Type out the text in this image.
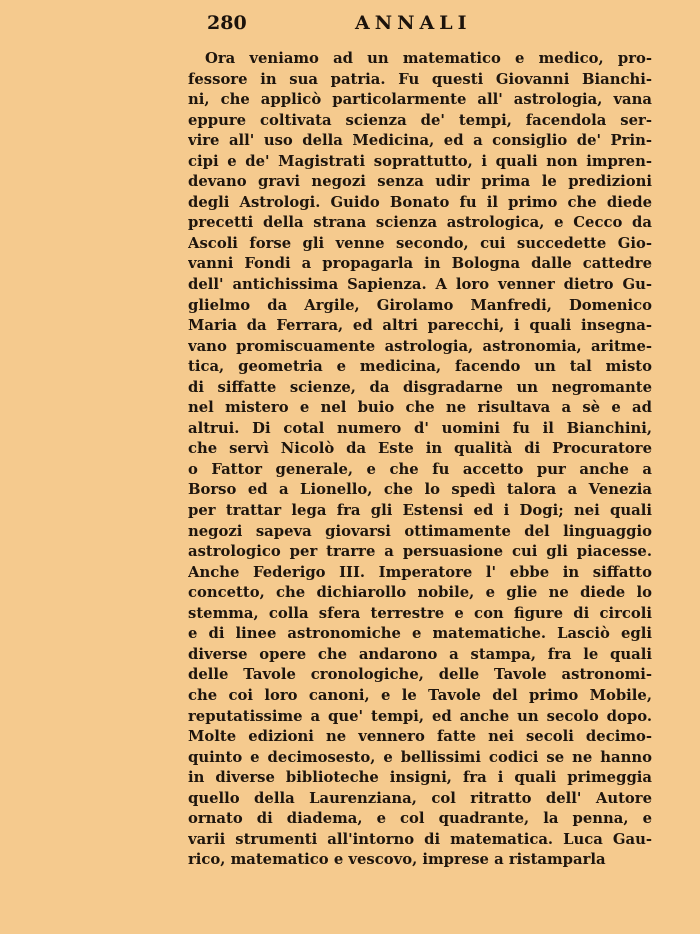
280	ANNALI
Ora veniamo ad un matematico e medico, pro-
fessore in sua patria. Fu questi Giovanni Bianchi-
ni, che applicò particolarmente all' astrologia, vana
eppure coltivata scienza de' tempi, facendola ser-
vire all' uso della Medicina, ed a consiglio de' Prin-
cipi e de' Magistrati soprattutto, i quali non impren-
devano gravi negozi senza udir prima le predizioni
degli Astrologi. Guido Bonato fu il primo che diede
precetti della strana scienza astrologica, e Cecco da
Ascoli forse gli venne secondo, cui succedette Gio-
vanni Fondi a propagarla in Bologna dalle cattedre
dell' antichissima Sapienza. A loro venner dietro Gu-
glielmo da Argile, Girolamo Manfredi, Domenico
Maria da Ferrara, ed altri parecchi, i quali insegna-
vano promiscuamente astrologia, astronomia, aritme-
tica, geometria e medicina, facendo un tal misto
di siffatte scienze, da disgradarne un negromante
nel mistero e nel buio che ne risultava a sè e ad
altrui. Di cotal numero d' uomini fu il Bianchini,
che servì Nicolò da Este in qualità di Procuratore
o Fattor generale, e che fu accetto pur anche a
Borso ed a Lionello, che lo spedì talora a Venezia
per trattar lega fra gli Estensi ed i Dogi; nei quali
negozi sapeva giovarsi ottimamente del linguaggio
astrologico per trarre a persuasione cui gli piacesse.
Anche Federigo III. Imperatore l' ebbe in siffatto
concetto, che dichiarollo nobile, e glie ne diede lo
stemma, colla sfera terrestre e con figure di circoli
e di linee astronomiche e matematiche. Lasciò egli
diverse opere che andarono a stampa, fra le quali
delle Tavole cronologiche, delle Tavole astronomi-
che coi loro canoni, e le Tavole del primo Mobile,
reputatissime a que' tempi, ed anche un secolo dopo.
Molte edizioni ne vennero fatte nei secoli decimo-
quinto e decimosesto, e bellissimi codici se ne hanno
in diverse biblioteche insigni, fra i quali primeggia
quello della Laurenziana, col ritratto dell' Autore
ornato di diadema, e col quadrante, la penna, e
varii strumenti all'intorno di matematica. Luca Gau-
rico, matematico e vescovo, imprese a ristamparla
